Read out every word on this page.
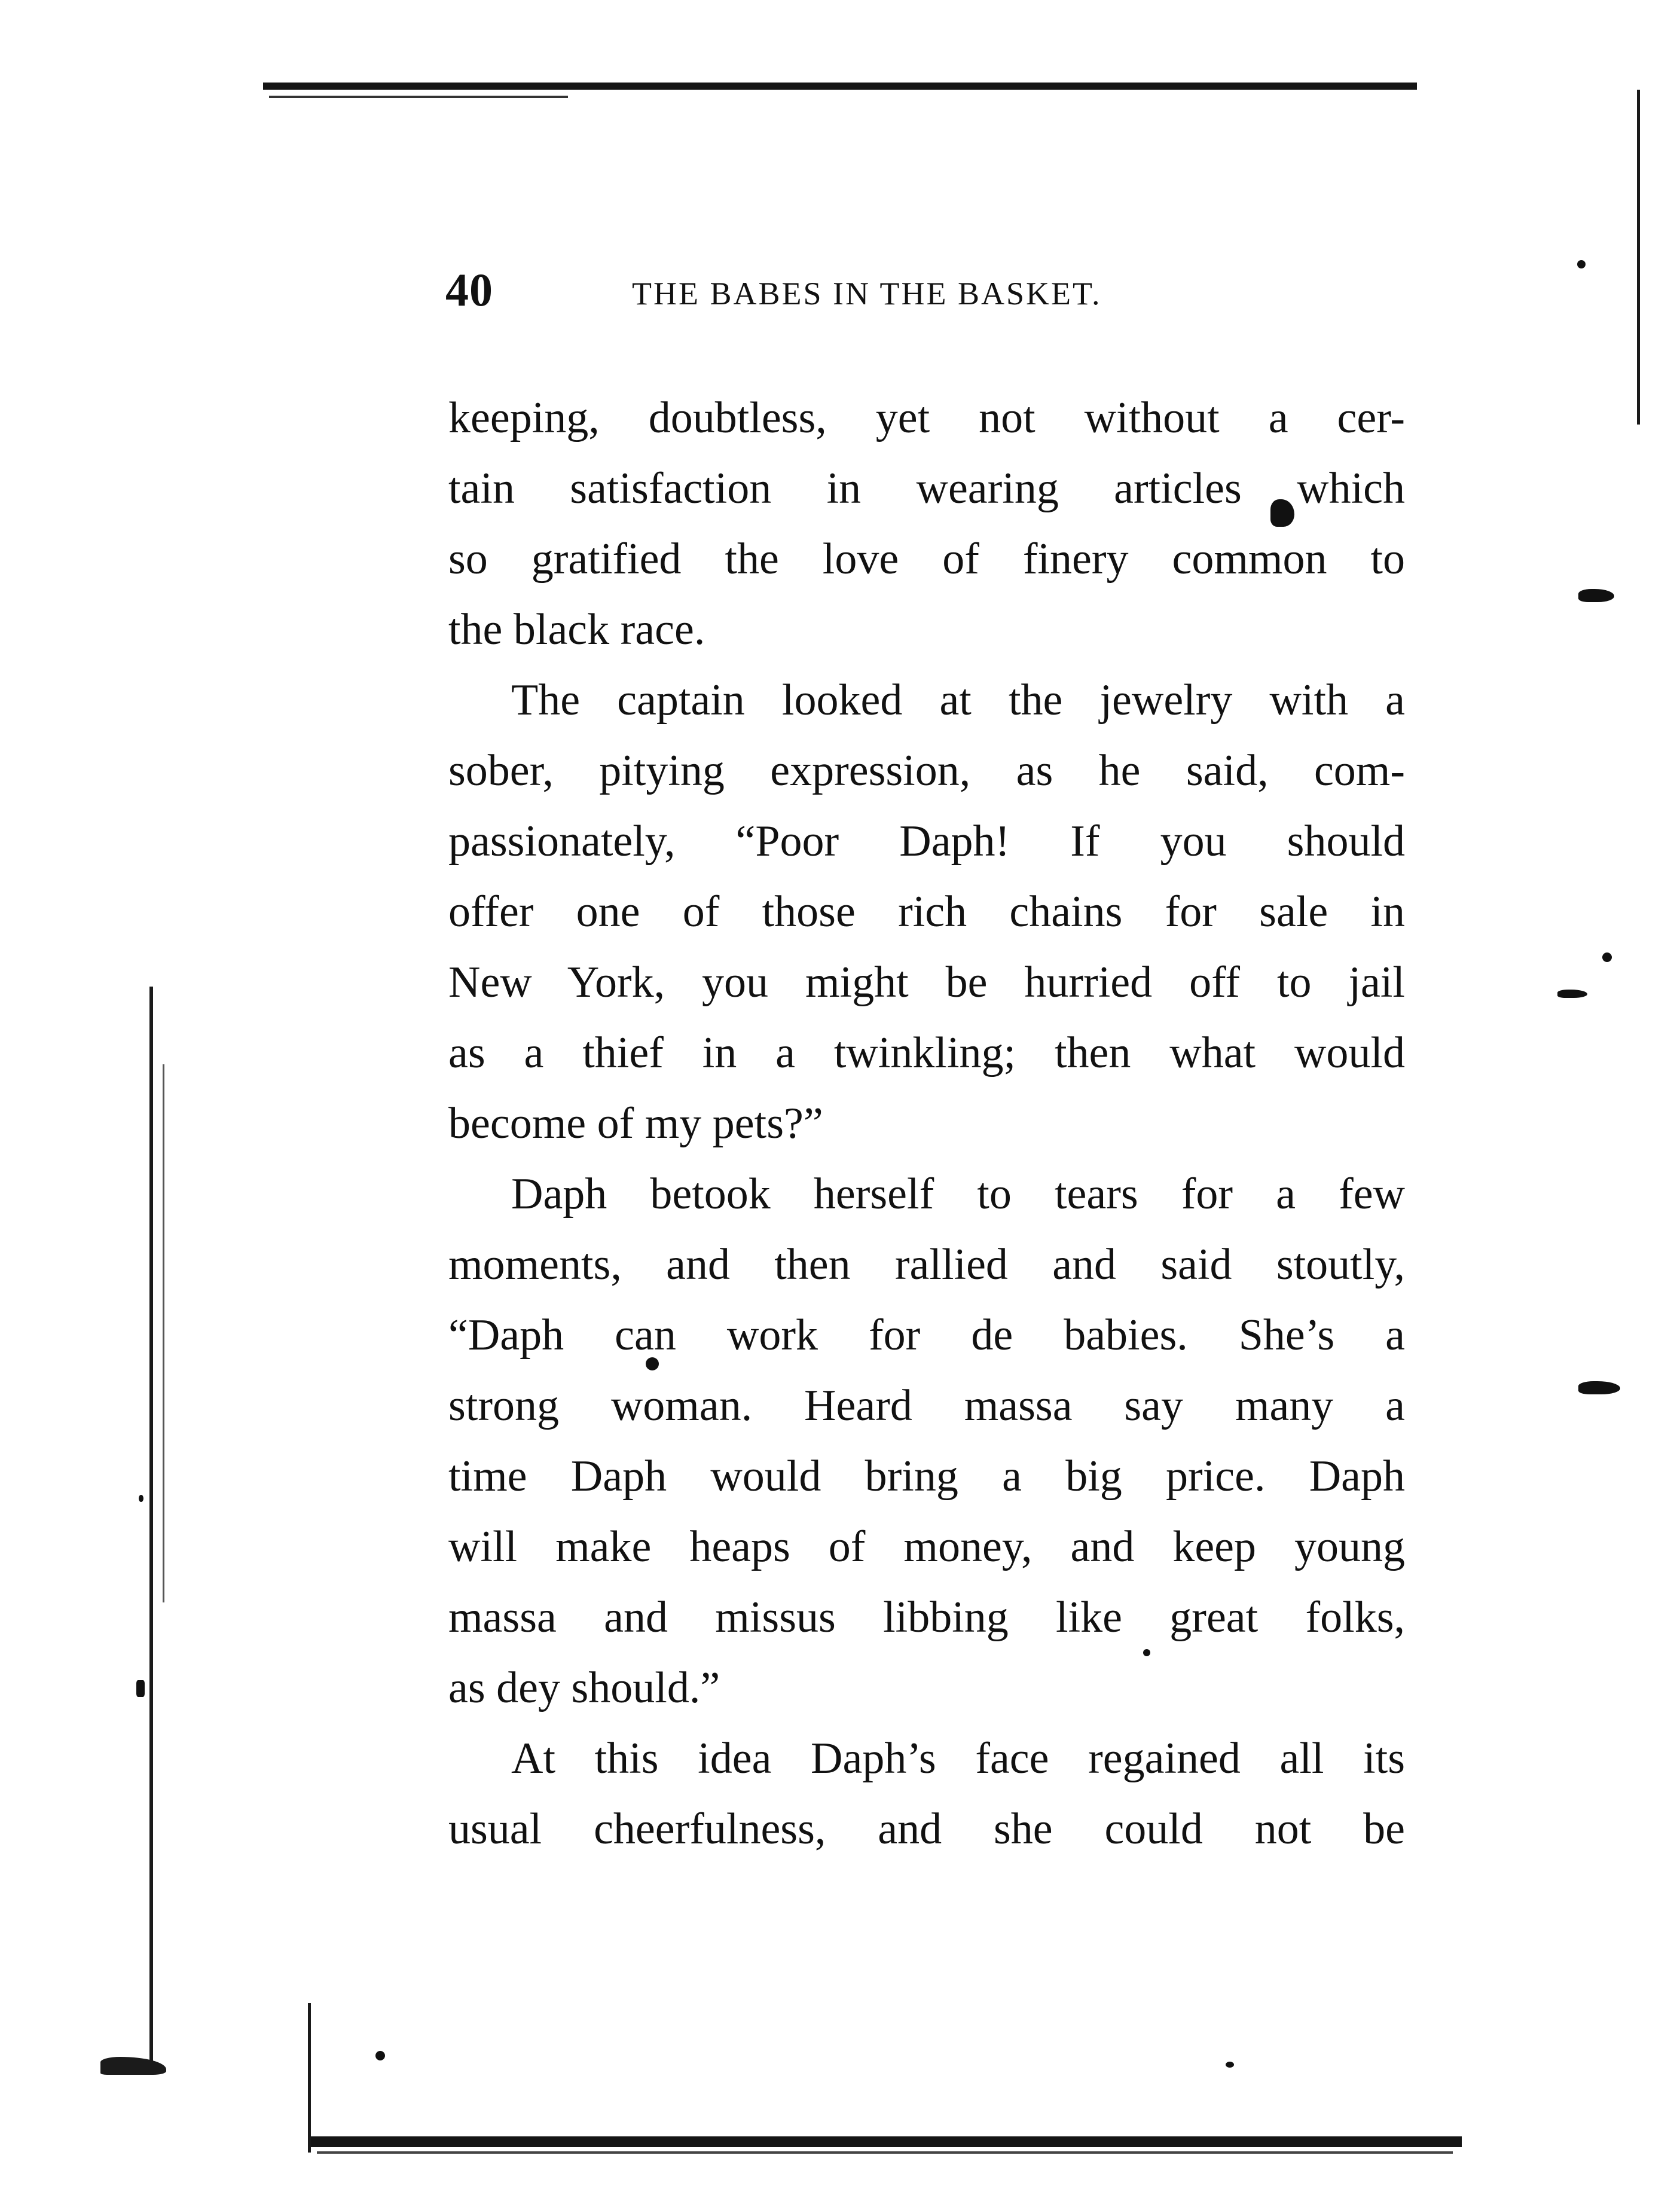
40	THE BABES IN THE BASKET.
keeping, doubtless, yet not without a cer-
tain satisfaction in wearing articles which
so gratified the love of finery common to
the black race.
The captain looked at the jewelry with a
sober, pitying expression, as he said, com-
passionately, “Poor Daph! If you should
offer one of those rich chains for sale in
New York, you might be hurried off to jail
as a thief in a twinkling; then what would
become of my pets?”
Daph betook herself to tears for a few
moments, and then rallied and said stoutly,
“Daph can work for de babies. She’s a
strong woman. Heard massa say many a
time Daph would bring a big price. Daph
will make heaps of money, and keep young
massa and missus libbing like great folks,
as dey should.”
At this idea Daph’s face regained all its
usual cheerfulness, and she could not be
